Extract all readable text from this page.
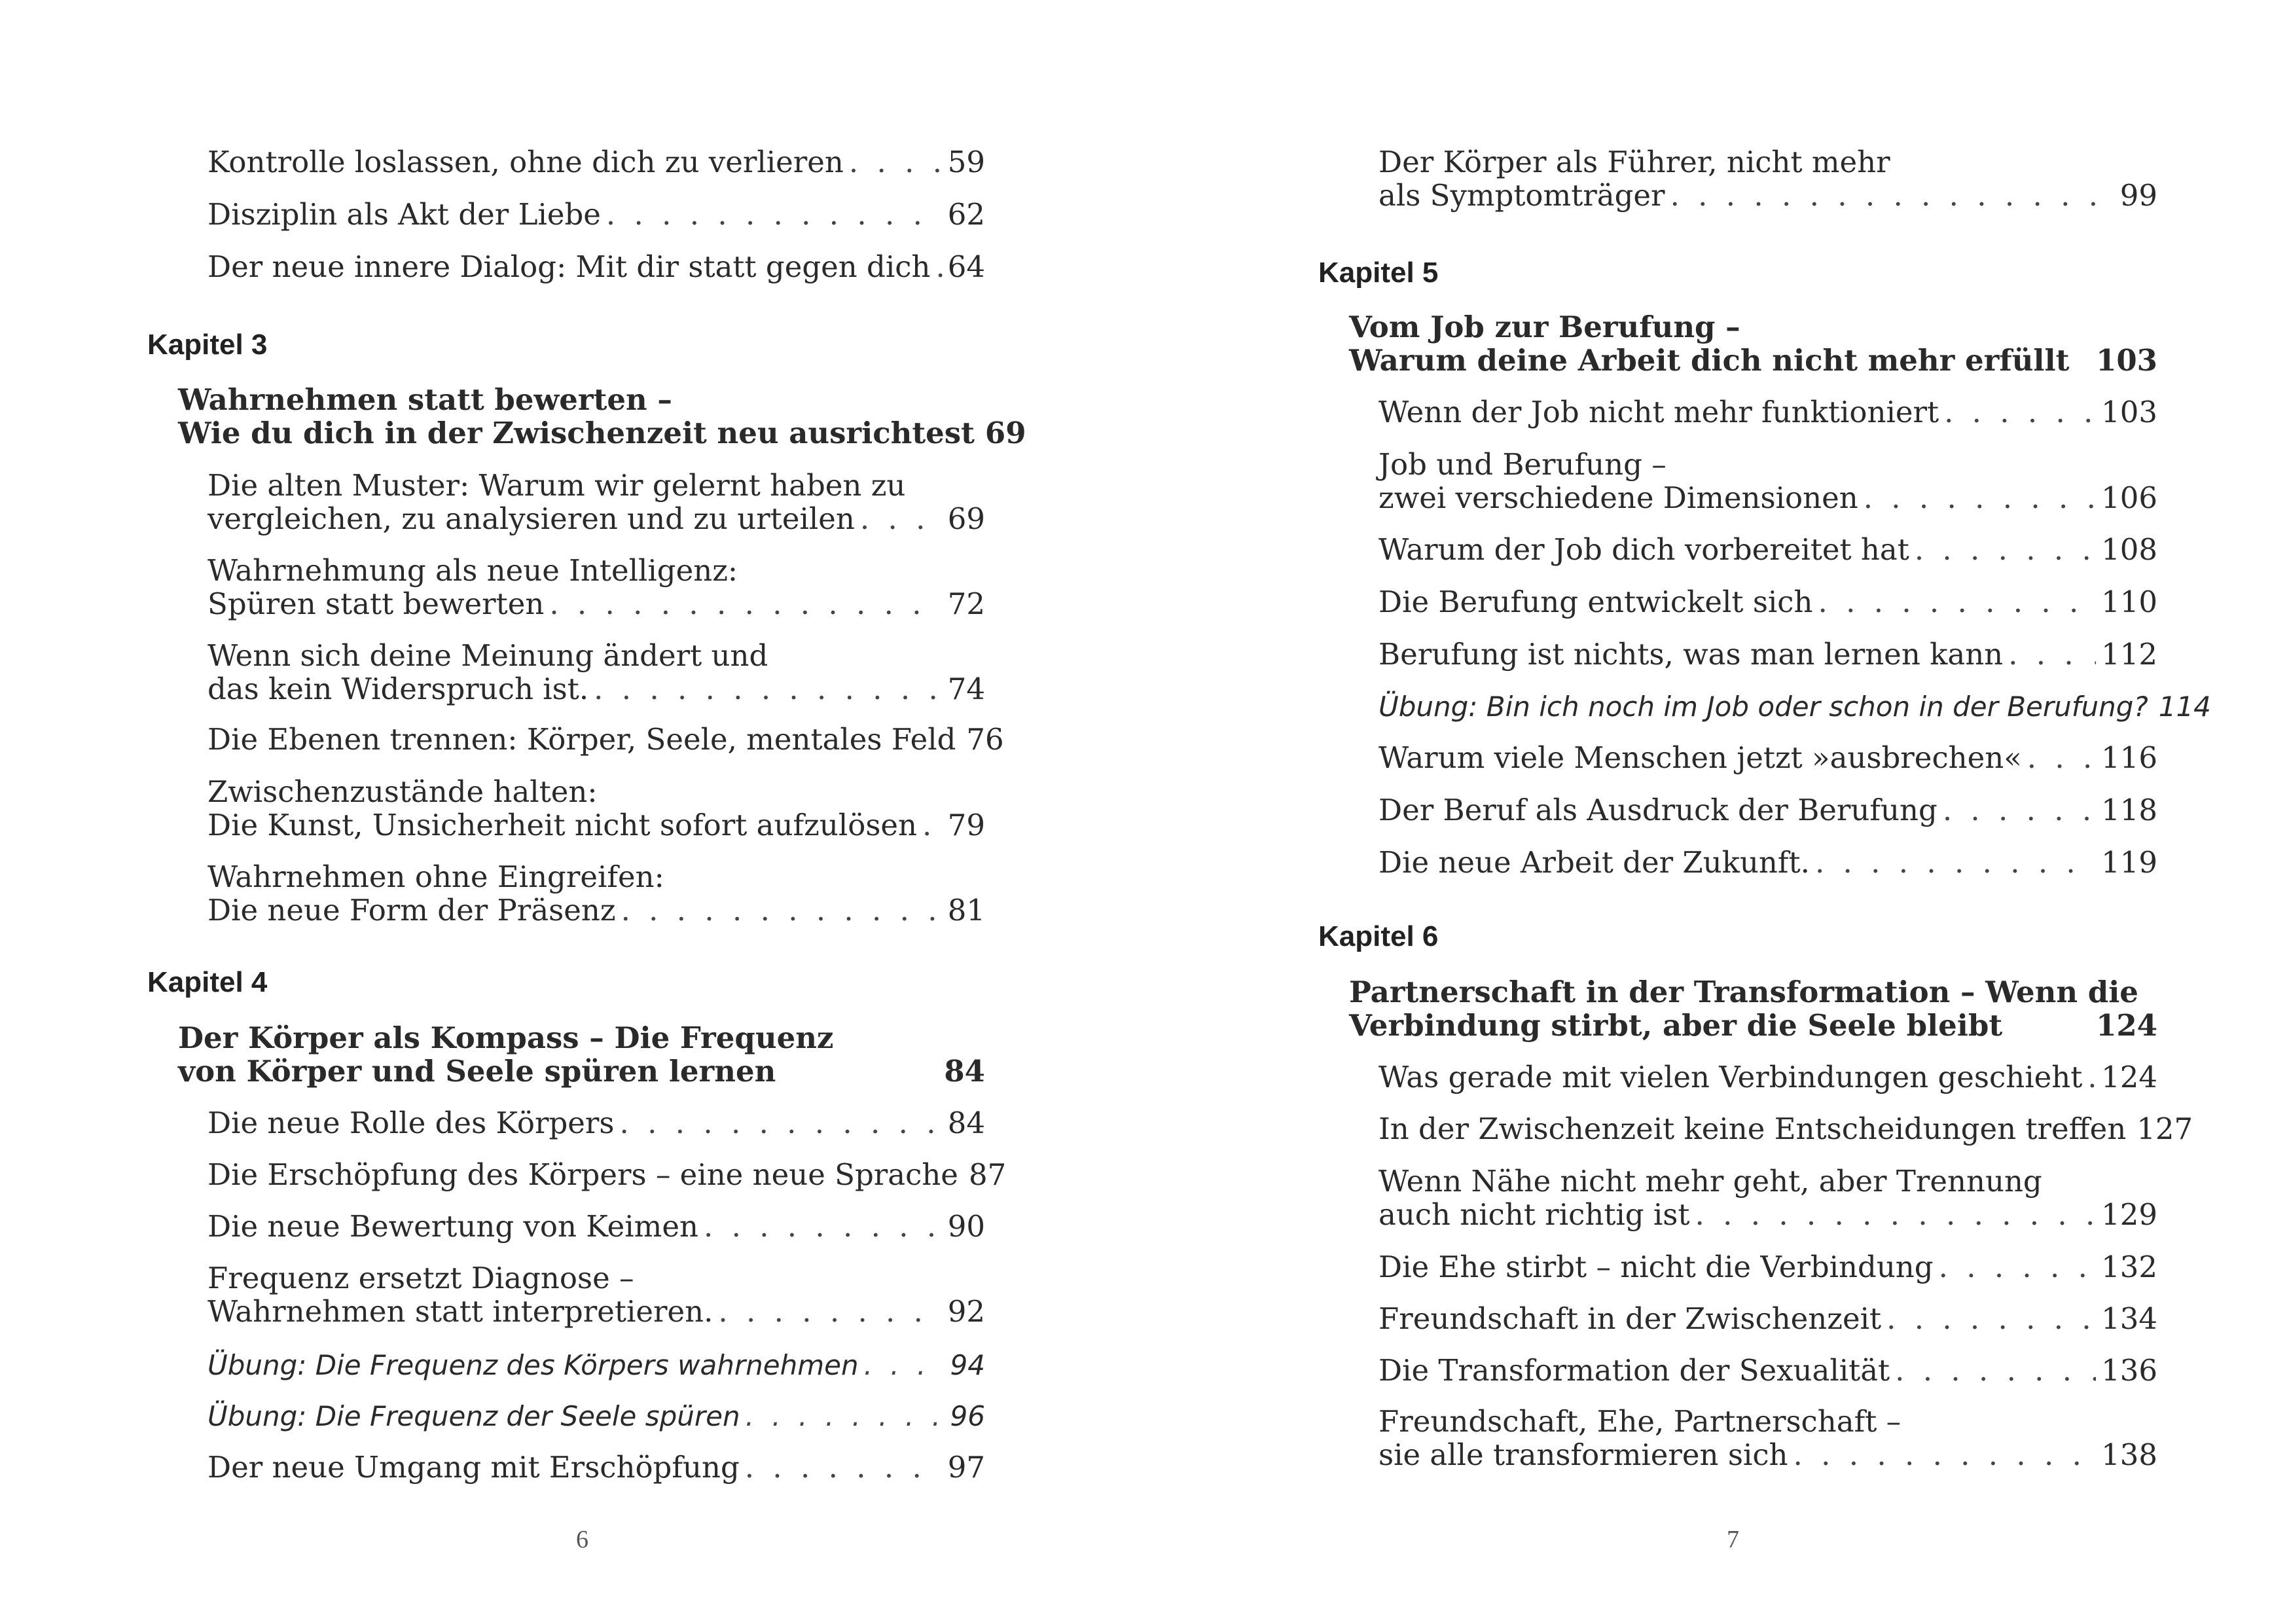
Kontrolle loslassen, ohne dich zu verlieren . . .	59
Disziplin als Akt der Liebe . . .	62
Der neue innere Dialog: Mit dir statt gegen dich . . . 64
Kapitel 3
Wahrnehmen statt bewerten –
Wie du dich in der Zwischenzeit neu ausrichtest 69
Die alten Muster: Warum wir gelernt haben zu
vergleichen, zu analysieren und zu urteilen . . .	69
Wahrnehmung als neue Intelligenz:
Spüren statt bewerten . . .	72
Wenn sich deine Meinung ändert und
das kein Widerspruch ist. . . .	74
Die Ebenen trennen: Körper, Seele, mentales Feld 76
Zwischenzustände halten:
Die Kunst, Unsicherheit nicht sofort aufzulösen . . . 79
Wahrnehmen ohne Eingreifen:
Die neue Form der Präsenz . . .	81
Kapitel 4
Der Körper als Kompass – Die Frequenz
von Körper und Seele spüren lernen	84
Die neue Rolle des Körpers . . .	84
Die Erschöpfung des Körpers – eine neue Sprache 87
Die neue Bewertung von Keimen . . .	90
Frequenz ersetzt Diagnose –
Wahrnehmen statt interpretieren. . . .	92
Übung: Die Frequenz des Körpers wahrnehmen . . .	94
Übung: Die Frequenz der Seele spüren . . .	96
Der neue Umgang mit Erschöpfung . . .	97
6
Der Körper als Führer, nicht mehr
als Symptomträger . . .	99
Kapitel 5
Vom Job zur Berufung –
Warum deine Arbeit dich nicht mehr erfüllt 103
Wenn der Job nicht mehr funktioniert . . .	103
Job und Berufung –
zwei verschiedene Dimensionen . . .	106
Warum der Job dich vorbereitet hat . . .	108
Die Berufung entwickelt sich . . .	110
Berufung ist nichts, was man lernen kann . . .	112
Übung: Bin ich noch im Job oder schon in der Berufung? 114
Warum viele Menschen jetzt »ausbrechen« . . .	116
Der Beruf als Ausdruck der Berufung . . .	118
Die neue Arbeit der Zukunft. . . .	119
Kapitel 6
Partnerschaft in der Transformation – Wenn die
Verbindung stirbt, aber die Seele bleibt	124
Was gerade mit vielen Verbindungen geschieht . . . 124
In der Zwischenzeit keine Entscheidungen treffen 127
Wenn Nähe nicht mehr geht, aber Trennung
auch nicht richtig ist . . .	129
Die Ehe stirbt – nicht die Verbindung . . .	132
Freundschaft in der Zwischenzeit . . .	134
Die Transformation der Sexualität . . .	136
Freundschaft, Ehe, Partnerschaft –
sie alle transformieren sich . . .	138
7
